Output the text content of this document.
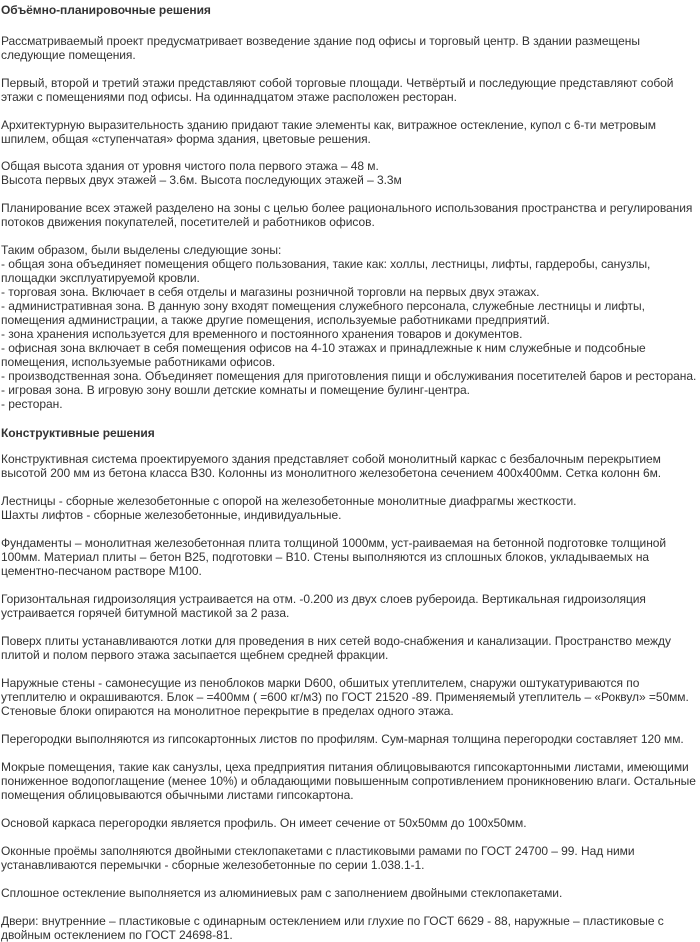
Объёмно-планировочные решения
Рассматриваемый проект предусматривает возведение здание под офисы и торговый центр. В здании размещены
следующие помещения.
Первый, второй и третий этажи представляют собой торговые площади. Четвёртый и последующие представляют собой
этажи с помещениями под офисы. На одиннадцатом этаже расположен ресторан.
Архитектурную выразительность зданию придают такие элементы как, витражное остекление, купол с 6-ти метровым
шпилем, общая «ступенчатая» форма здания, цветовые решения.
Общая высота здания от уровня чистого пола первого этажа – 48 м.
Высота первых двух этажей – 3.6м. Высота последующих этажей – 3.3м
Планирование всех этажей разделено на зоны с целью более рационального использования пространства и регулирования
потоков движения покупателей, посетителей и работников офисов.
Таким образом, были выделены следующие зоны:
- общая зона объединяет помещения общего пользования, такие как: холлы, лестницы, лифты, гардеробы, санузлы,
площадки эксплуатируемой кровли.
- торговая зона. Включает в себя отделы и магазины розничной торговли на первых двух этажах.
- административная зона. В данную зону входят помещения служебного персонала, служебные лестницы и лифты,
помещения администрации, а также другие помещения, используемые работниками предприятий.
- зона хранения используется для временного и постоянного хранения товаров и документов.
- офисная зона включает в себя помещения офисов на 4-10 этажах и принадлежные к ним служебные и подсобные
помещения, используемые работниками офисов.
- производственная зона. Объединяет помещения для приготовления пищи и обслуживания посетителей баров и ресторана.
- игровая зона. В игровую зону вошли детские комнаты и помещение булинг-центра.
- ресторан.
Конструктивные решения
Конструктивная система проектируемого здания представляет собой монолитный каркас с безбалочным перекрытием
высотой 200 мм из бетона класса В30. Колонны из монолитного железобетона сечением 400х400мм. Сетка колонн 6м.
Лестницы - сборные железобетонные с опорой на железобетонные монолитные диафрагмы жесткости.
Шахты лифтов - сборные железобетонные, индивидуальные.
Фундаменты – монолитная железобетонная плита толщиной 1000мм, уст-раиваемая на бетонной подготовке толщиной
100мм. Материал плиты – бетон В25, подготовки – В10. Стены выполняются из сплошных блоков, укладываемых на
цементно-песчаном растворе М100.
Горизонтальная гидроизоляция устраивается на отм. -0.200 из двух слоев рубероида. Вертикальная гидроизоляция
устраивается горячей битумной мастикой за 2 раза.
Поверх плиты устанавливаются лотки для проведения в них сетей водо-снабжения и канализации. Пространство между
плитой и полом первого этажа засыпается щебнем средней фракции.
Наружные стены - самонесущие из пеноблоков марки D600, обшитых утеплителем, снаружи оштукатуриваются по
утеплителю и окрашиваются. Блок – =400мм ( =600 кг/м3) по ГОСТ 21520 -89. Применяемый утеплитель – «Роквул» =50мм.
Стеновые блоки опираются на монолитное перекрытие в пределах одного этажа.
Перегородки выполняются из гипсокартонных листов по профилям. Сум-марная толщина перегородки составляет 120 мм.
Мокрые помещения, такие как санузлы, цеха предприятия питания облицовываются гипсокартонными листами, имеющими
пониженное водопоглащение (менее 10%) и обладающими повышенным сопротивлением проникновению влаги. Остальные
помещения облицовываются обычными листами гипсокартона.
Основой каркаса перегородки является профиль. Он имеет сечение от 50х50мм до 100х50мм.
Оконные проёмы заполняются двойными стеклопакетами с пластиковыми рамами по ГОСТ 24700 – 99. Над ними
устанавливаются перемычки - сборные железобетонные по серии 1.038.1-1.
Сплошное остекление выполняется из алюминиевых рам с заполнением двойными стеклопакетами.
Двери: внутренние – пластиковые с одинарным остеклением или глухие по ГОСТ 6629 - 88, наружные – пластиковые с
двойным остеклением по ГОСТ 24698-81.
